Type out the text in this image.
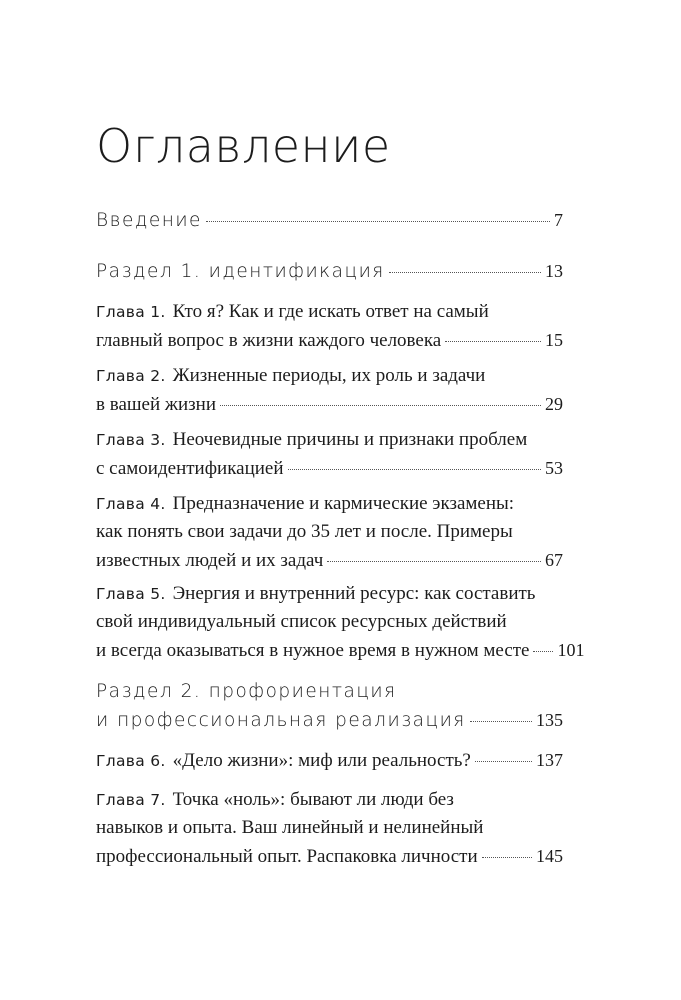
Оглавление
Введение	7
Раздел 1. идентификация	13
Глава 1. Кто я? Как и где искать ответ на самый
главный вопрос в жизни каждого человека	15
Глава 2. Жизненные периоды, их роль и задачи
в вашей жизни	29
Глава 3. Неочевидные причины и признаки проблем
с самоидентификацией	53
Глава 4. Предназначение и кармические экзамены:
как понять свои задачи до 35 лет и после. Примеры
известных людей и их задач	67
Глава 5. Энергия и внутренний ресурс: как составить
свой индивидуальный список ресурсных действий
и всегда оказываться в нужное время в нужном месте 101
Раздел 2. профориентация
и профессиональная реализация	135
Глава 6. «Дело жизни»: миф или реальность?	137
Глава 7. Точка «ноль»: бывают ли люди без
навыков и опыта. Ваш линейный и нелинейный
профессиональный опыт. Распаковка личности	145
